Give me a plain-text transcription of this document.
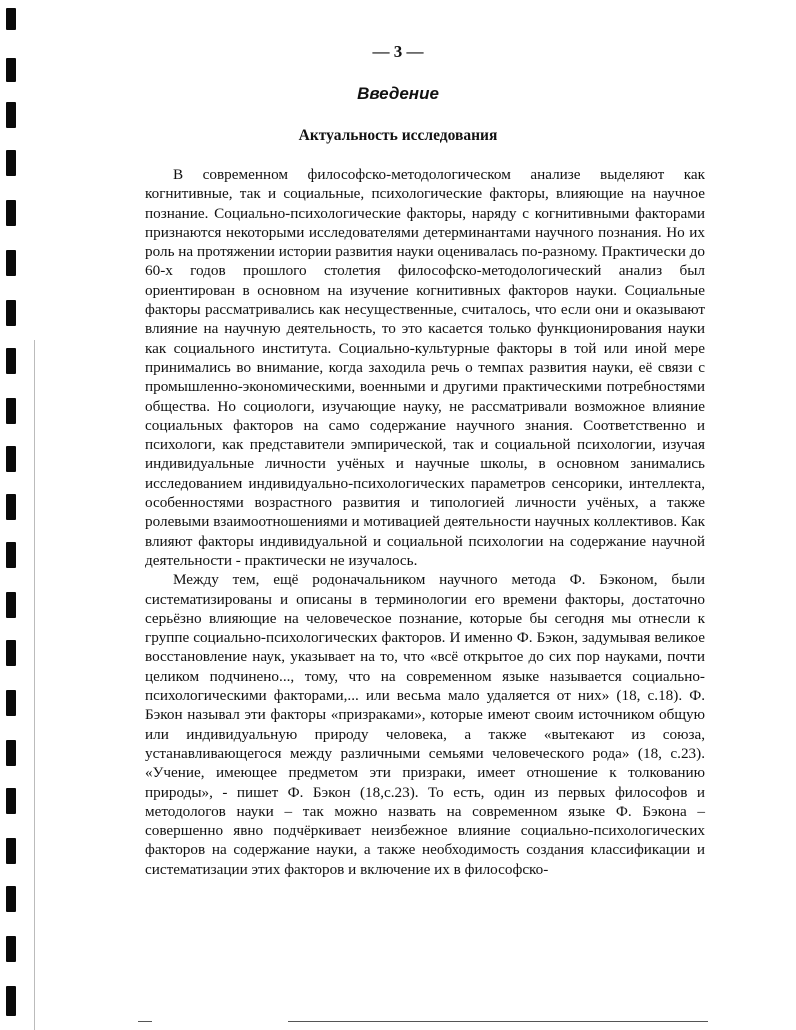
— 3 —
Введение
Актуальность исследования

В современном философско-методологическом анализе выделяют как когнитивные, так и социальные, психологические факторы, влияющие на научное познание. Социально-психологические факторы, наряду с когнитивными факторами признаются некоторыми исследователями детерминантами научного познания. Но их роль на протяжении истории развития науки оценивалась по-разному. Практически до 60-х годов прошлого столетия философско-методологический анализ был ориентирован в основном на изучение когнитивных факторов науки. Социальные факторы рассматривались как несущественные, считалось, что если они и оказывают влияние на научную деятельность, то это касается только функционирования науки как социального института. Социально-культурные факторы в той или иной мере принимались во внимание, когда заходила речь о темпах развития науки, её связи с промышленно-экономическими, военными и другими практическими потребностями общества. Но социологи, изучающие науку, не рассматривали возможное влияние социальных факторов на само содержание научного знания. Соответственно и психологи, как представители эмпирической, так и социальной психологии, изучая индивидуальные личности учёных и научные школы, в основном занимались исследованием индивидуально-психологических параметров сенсорики, интеллекта, особенностями возрастного развития и типологией личности учёных, а также ролевыми взаимоотношениями и мотивацией деятельности научных коллективов. Как влияют факторы индивидуальной и социальной психологии на содержание научной деятельности - практически не изучалось.

Между тем, ещё родоначальником научного метода Ф. Бэконом, были систематизированы и описаны в терминологии его времени факторы, достаточно серьёзно влияющие на человеческое познание, которые бы сегодня мы отнесли к группе социально-психологических факторов. И именно Ф. Бэкон, задумывая великое восстановление наук, указывает на то, что «всё открытое до сих пор науками, почти целиком подчинено..., тому, что на современном языке называется социально-психологическими факторами,... или весьма мало удаляется от них» (18, с.18). Ф. Бэкон называл эти факторы «призраками», которые имеют своим источником общую или индивидуальную природу человека, а также «вытекают из союза, устанавливающегося между различными семьями человеческого рода» (18, с.23). «Учение, имеющее предметом эти призраки, имеет отношение к толкованию природы», - пишет Ф. Бэкон (18,с.23). То есть, один из первых философов и методологов науки – так можно назвать на современном языке Ф. Бэкона – совершенно явно подчёркивает неизбежное влияние социально-психологических факторов на содержание науки, а также необходимость создания классификации и систематизации этих факторов и включение их в философско-
